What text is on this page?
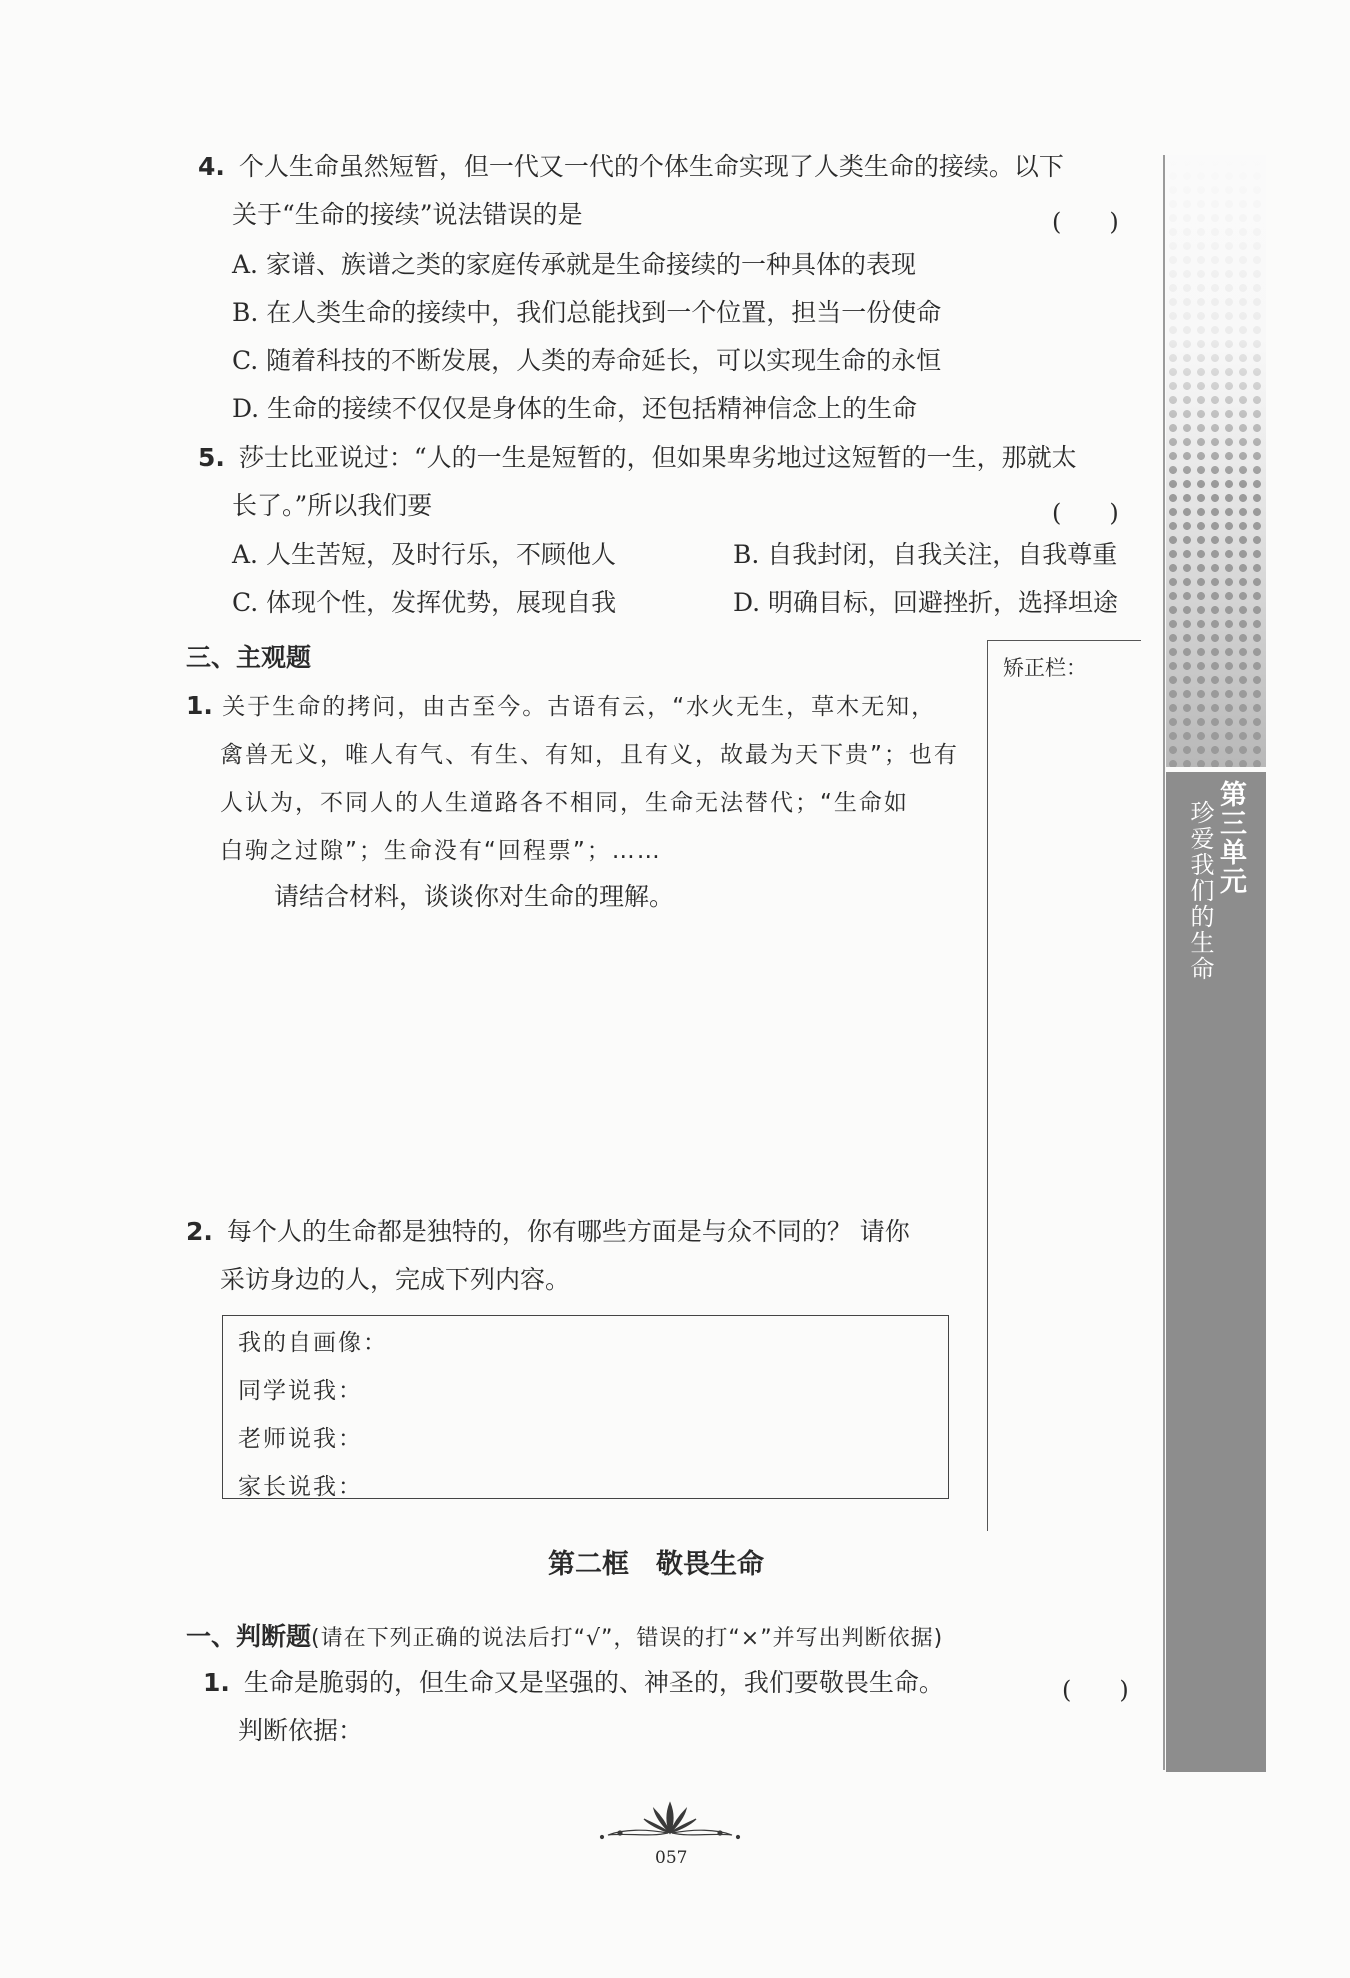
第三单元
珍爱我们的生命
4. 个人生命虽然短暂，但一代又一代的个体生命实现了人类生命的接续。以下
关于“生命的接续”说法错误的是	(　　)
A. 家谱、族谱之类的家庭传承就是生命接续的一种具体的表现
B. 在人类生命的接续中，我们总能找到一个位置，担当一份使命
C. 随着科技的不断发展，人类的寿命延长，可以实现生命的永恒
D. 生命的接续不仅仅是身体的生命，还包括精神信念上的生命
5. 莎士比亚说过：“人的一生是短暂的，但如果卑劣地过这短暂的一生，那就太
长了。”所以我们要	(　　)
A. 人生苦短，及时行乐，不顾他人	B. 自我封闭，自我关注，自我尊重
C. 体现个性，发挥优势，展现自我	D. 明确目标，回避挫折，选择坦途
三、主观题	矫正栏：
1. 关于生命的拷问，由古至今。古语有云，“水火无生，草木无知，
禽兽无义，唯人有气、有生、有知，且有义，故最为天下贵”；也有
人认为，不同人的人生道路各不相同，生命无法替代；“生命如
白驹之过隙”；生命没有“回程票”；……
请结合材料，谈谈你对生命的理解。
2. 每个人的生命都是独特的，你有哪些方面是与众不同的？ 请你
采访身边的人，完成下列内容。
我的自画像：
同学说我：
老师说我：
家长说我：
第二框　敬畏生命
一、判断题(请在下列正确的说法后打“√”，错误的打“×”并写出判断依据)
1. 生命是脆弱的，但生命又是坚强的、神圣的，我们要敬畏生命。	(　　)
判断依据：
057
